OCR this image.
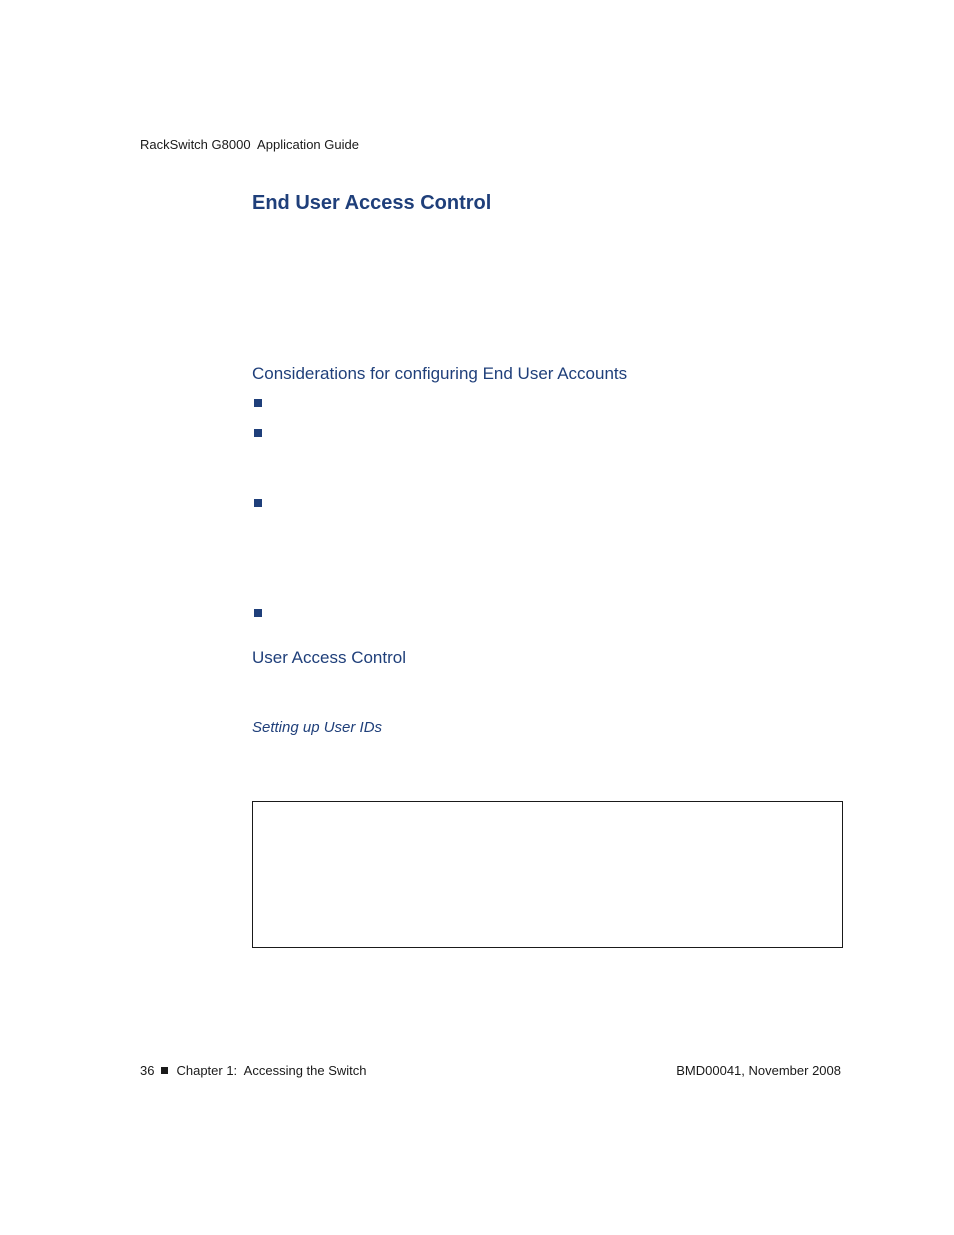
RackSwitch G8000  Application Guide
End User Access Control
Considerations for configuring End User Accounts
User Access Control
Setting up User IDs
36 Chapter 1:  Accessing the Switch	BMD00041, November 2008
